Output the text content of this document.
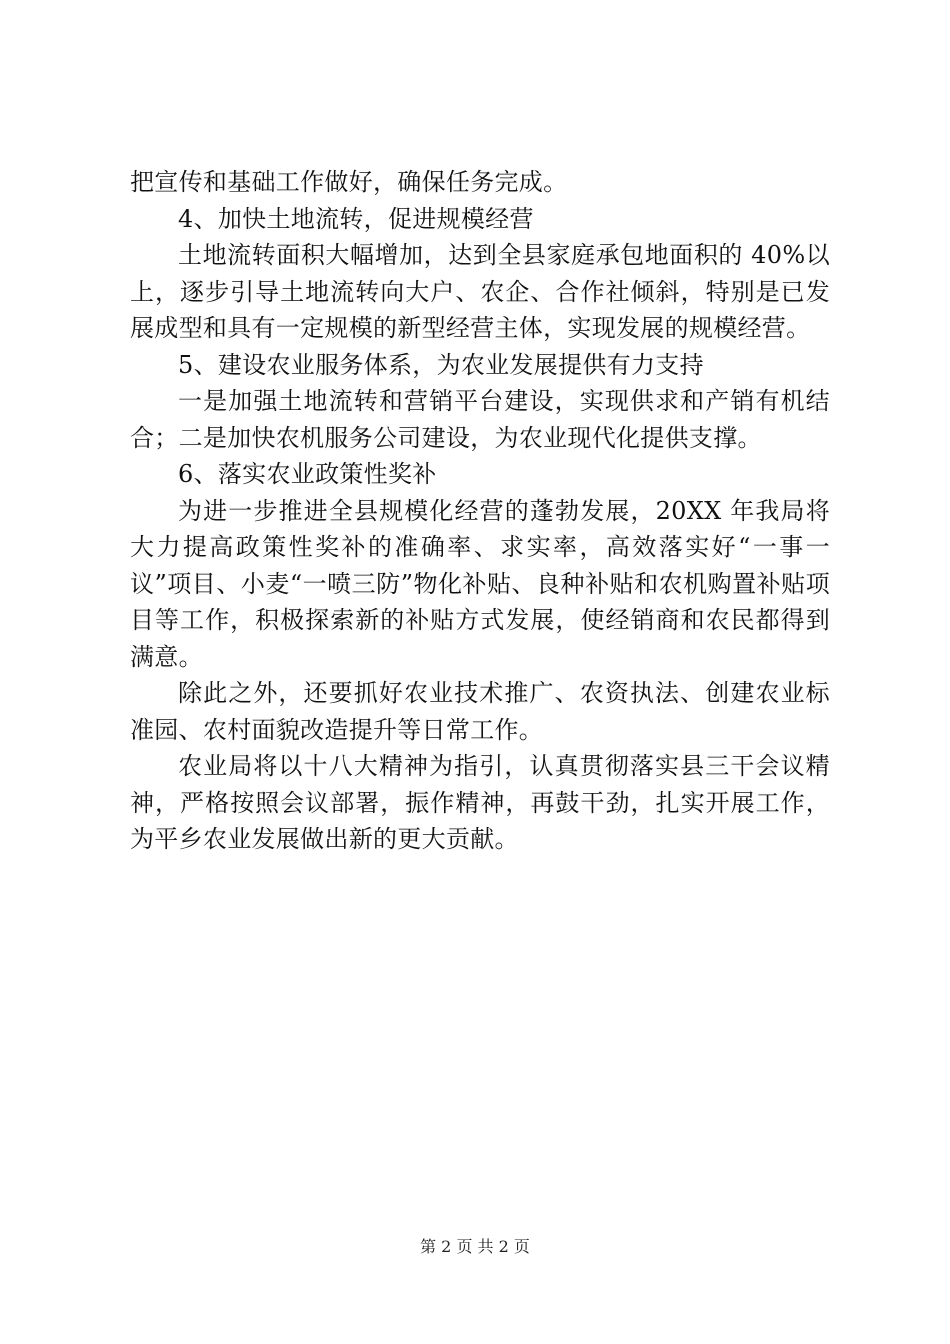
把宣传和基础工作做好，确保任务完成。

4、加快土地流转，促进规模经营

土地流转面积大幅增加，达到全县家庭承包地面积的 40%以上，逐步引导土地流转向大户、农企、合作社倾斜，特别是已发展成型和具有一定规模的新型经营主体，实现发展的规模经营。

5、建设农业服务体系，为农业发展提供有力支持

一是加强土地流转和营销平台建设，实现供求和产销有机结合；二是加快农机服务公司建设，为农业现代化提供支撑。

6、落实农业政策性奖补

为进一步推进全县规模化经营的蓬勃发展，20XX 年我局将大力提高政策性奖补的准确率、求实率，高效落实好“一事一议”项目、小麦“一喷三防”物化补贴、良种补贴和农机购置补贴项目等工作，积极探索新的补贴方式发展，使经销商和农民都得到满意。

除此之外，还要抓好农业技术推广、农资执法、创建农业标准园、农村面貌改造提升等日常工作。

农业局将以十八大精神为指引，认真贯彻落实县三干会议精神，严格按照会议部署，振作精神，再鼓干劲，扎实开展工作，为平乡农业发展做出新的更大贡献。

第 2 页 共 2 页
